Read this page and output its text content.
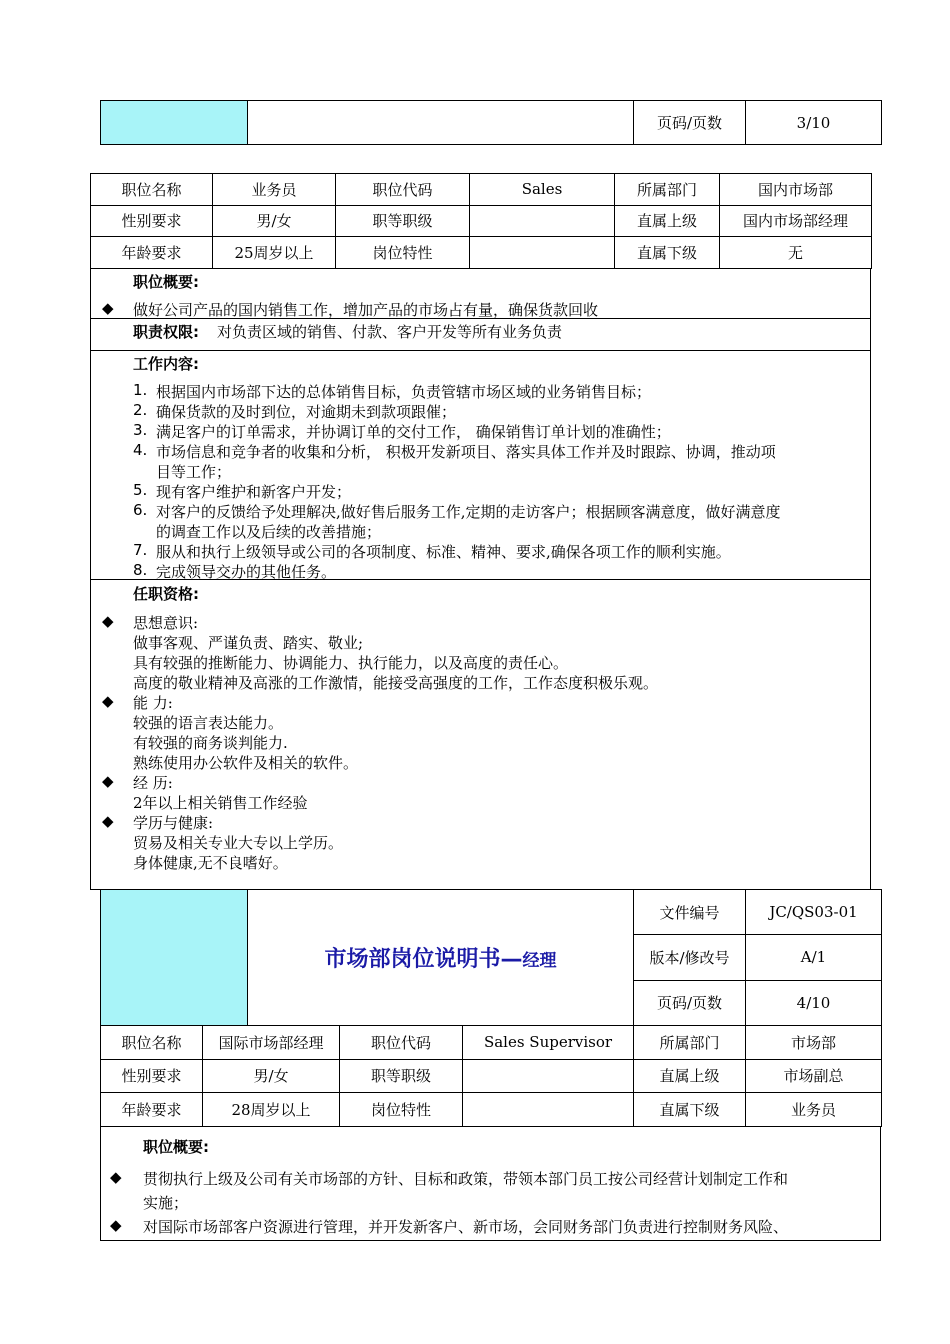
		页码/页数	3/10
职位名称	业务员	职位代码	Sales	所属部门	国内市场部
性别要求	男/女	职等职级		直属上级	国内市场部经理
年龄要求	25周岁以上	岗位特性		直属下级	无
职位概要:
◆ 做好公司产品的国内销售工作，增加产品的市场占有量，确保货款回收
职责权限: 对负责区域的销售、付款、客户开发等所有业务负责
工作内容:
任职资格:
	市场部岗位说明书—经理	文件编号	JC/QS03-01
		版本/修改号	A/1
		页码/页数	4/10
职位名称	国际市场部经理	职位代码	Sales Supervisor	所属部门	市场部
性别要求	男/女	职等职级		直属上级	市场副总
年龄要求	28周岁以上	岗位特性		直属下级	业务员
职位概要:
1. 根据国内市场部下达的总体销售目标，负责管辖市场区域的业务销售目标；
2. 确保货款的及时到位，对逾期未到款项跟催；
3. 满足客户的订单需求，并协调订单的交付工作， 确保销售订单计划的准确性；
4. 市场信息和竞争者的收集和分析， 积极开发新项目、落实具体工作并及时跟踪、协调，推动项
目等工作；
5. 现有客户维护和新客户开发；
6. 对客户的反馈给予处理解决,做好售后服务工作,定期的走访客户；根据顾客满意度，做好满意度
的调查工作以及后续的改善措施；
7. 服从和执行上级领导或公司的各项制度、标准、精神、要求,确保各项工作的顺利实施。
8. 完成领导交办的其他任务。
◆ 思想意识:
做事客观、严谨负责、踏实、敬业;
具有较强的推断能力、协调能力、执行能力，以及高度的责任心。
高度的敬业精神及高涨的工作激情，能接受高强度的工作，工作态度积极乐观。
◆ 能 力:
较强的语言表达能力。
有较强的商务谈判能力.
熟练使用办公软件及相关的软件。
◆ 经 历:
2年以上相关销售工作经验
◆ 学历与健康:
贸易及相关专业大专以上学历。
身体健康,无不良嗜好。
◆ 贯彻执行上级及公司有关市场部的方针、目标和政策，带领本部门员工按公司经营计划制定工作和
实施；
◆ 对国际市场部客户资源进行管理，并开发新客户、新市场，会同财务部门负责进行控制财务风险、
